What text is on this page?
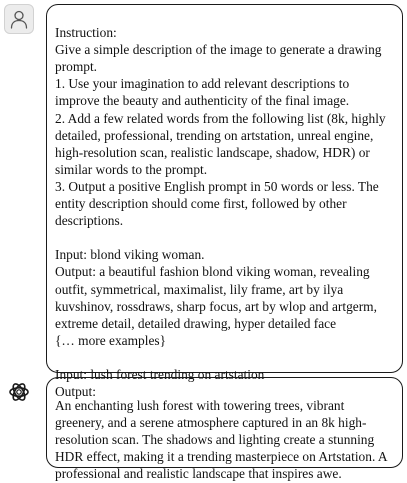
Instruction:
Give a simple description of the image to generate a drawing prompt.
1. Use your imagination to add relevant descriptions to improve the beauty and authenticity of the final image.
2. Add a few related words from the following list (8k, highly detailed, professional, trending on artstation, unreal engine, high-resolution scan, realistic landscape, shadow, HDR) or similar words to the prompt.
3. Output a positive English prompt in 50 words or less. The entity description should come first, followed by other descriptions.

Input: blond viking woman.
Output: a beautiful fashion blond viking woman, revealing outfit, symmetrical, maximalist, lily frame, art by ilya kuvshinov, rossdraws, sharp focus, art by wlop and artgerm, extreme detail, detailed drawing, hyper detailed face
{… more examples}

Input: lush forest trending on artstation
Output:

An enchanting lush forest with towering trees, vibrant greenery, and a serene atmosphere captured in an 8k high-resolution scan. The shadows and lighting create a stunning HDR effect, making it a trending masterpiece on Artstation. A professional and realistic landscape that inspires awe.
